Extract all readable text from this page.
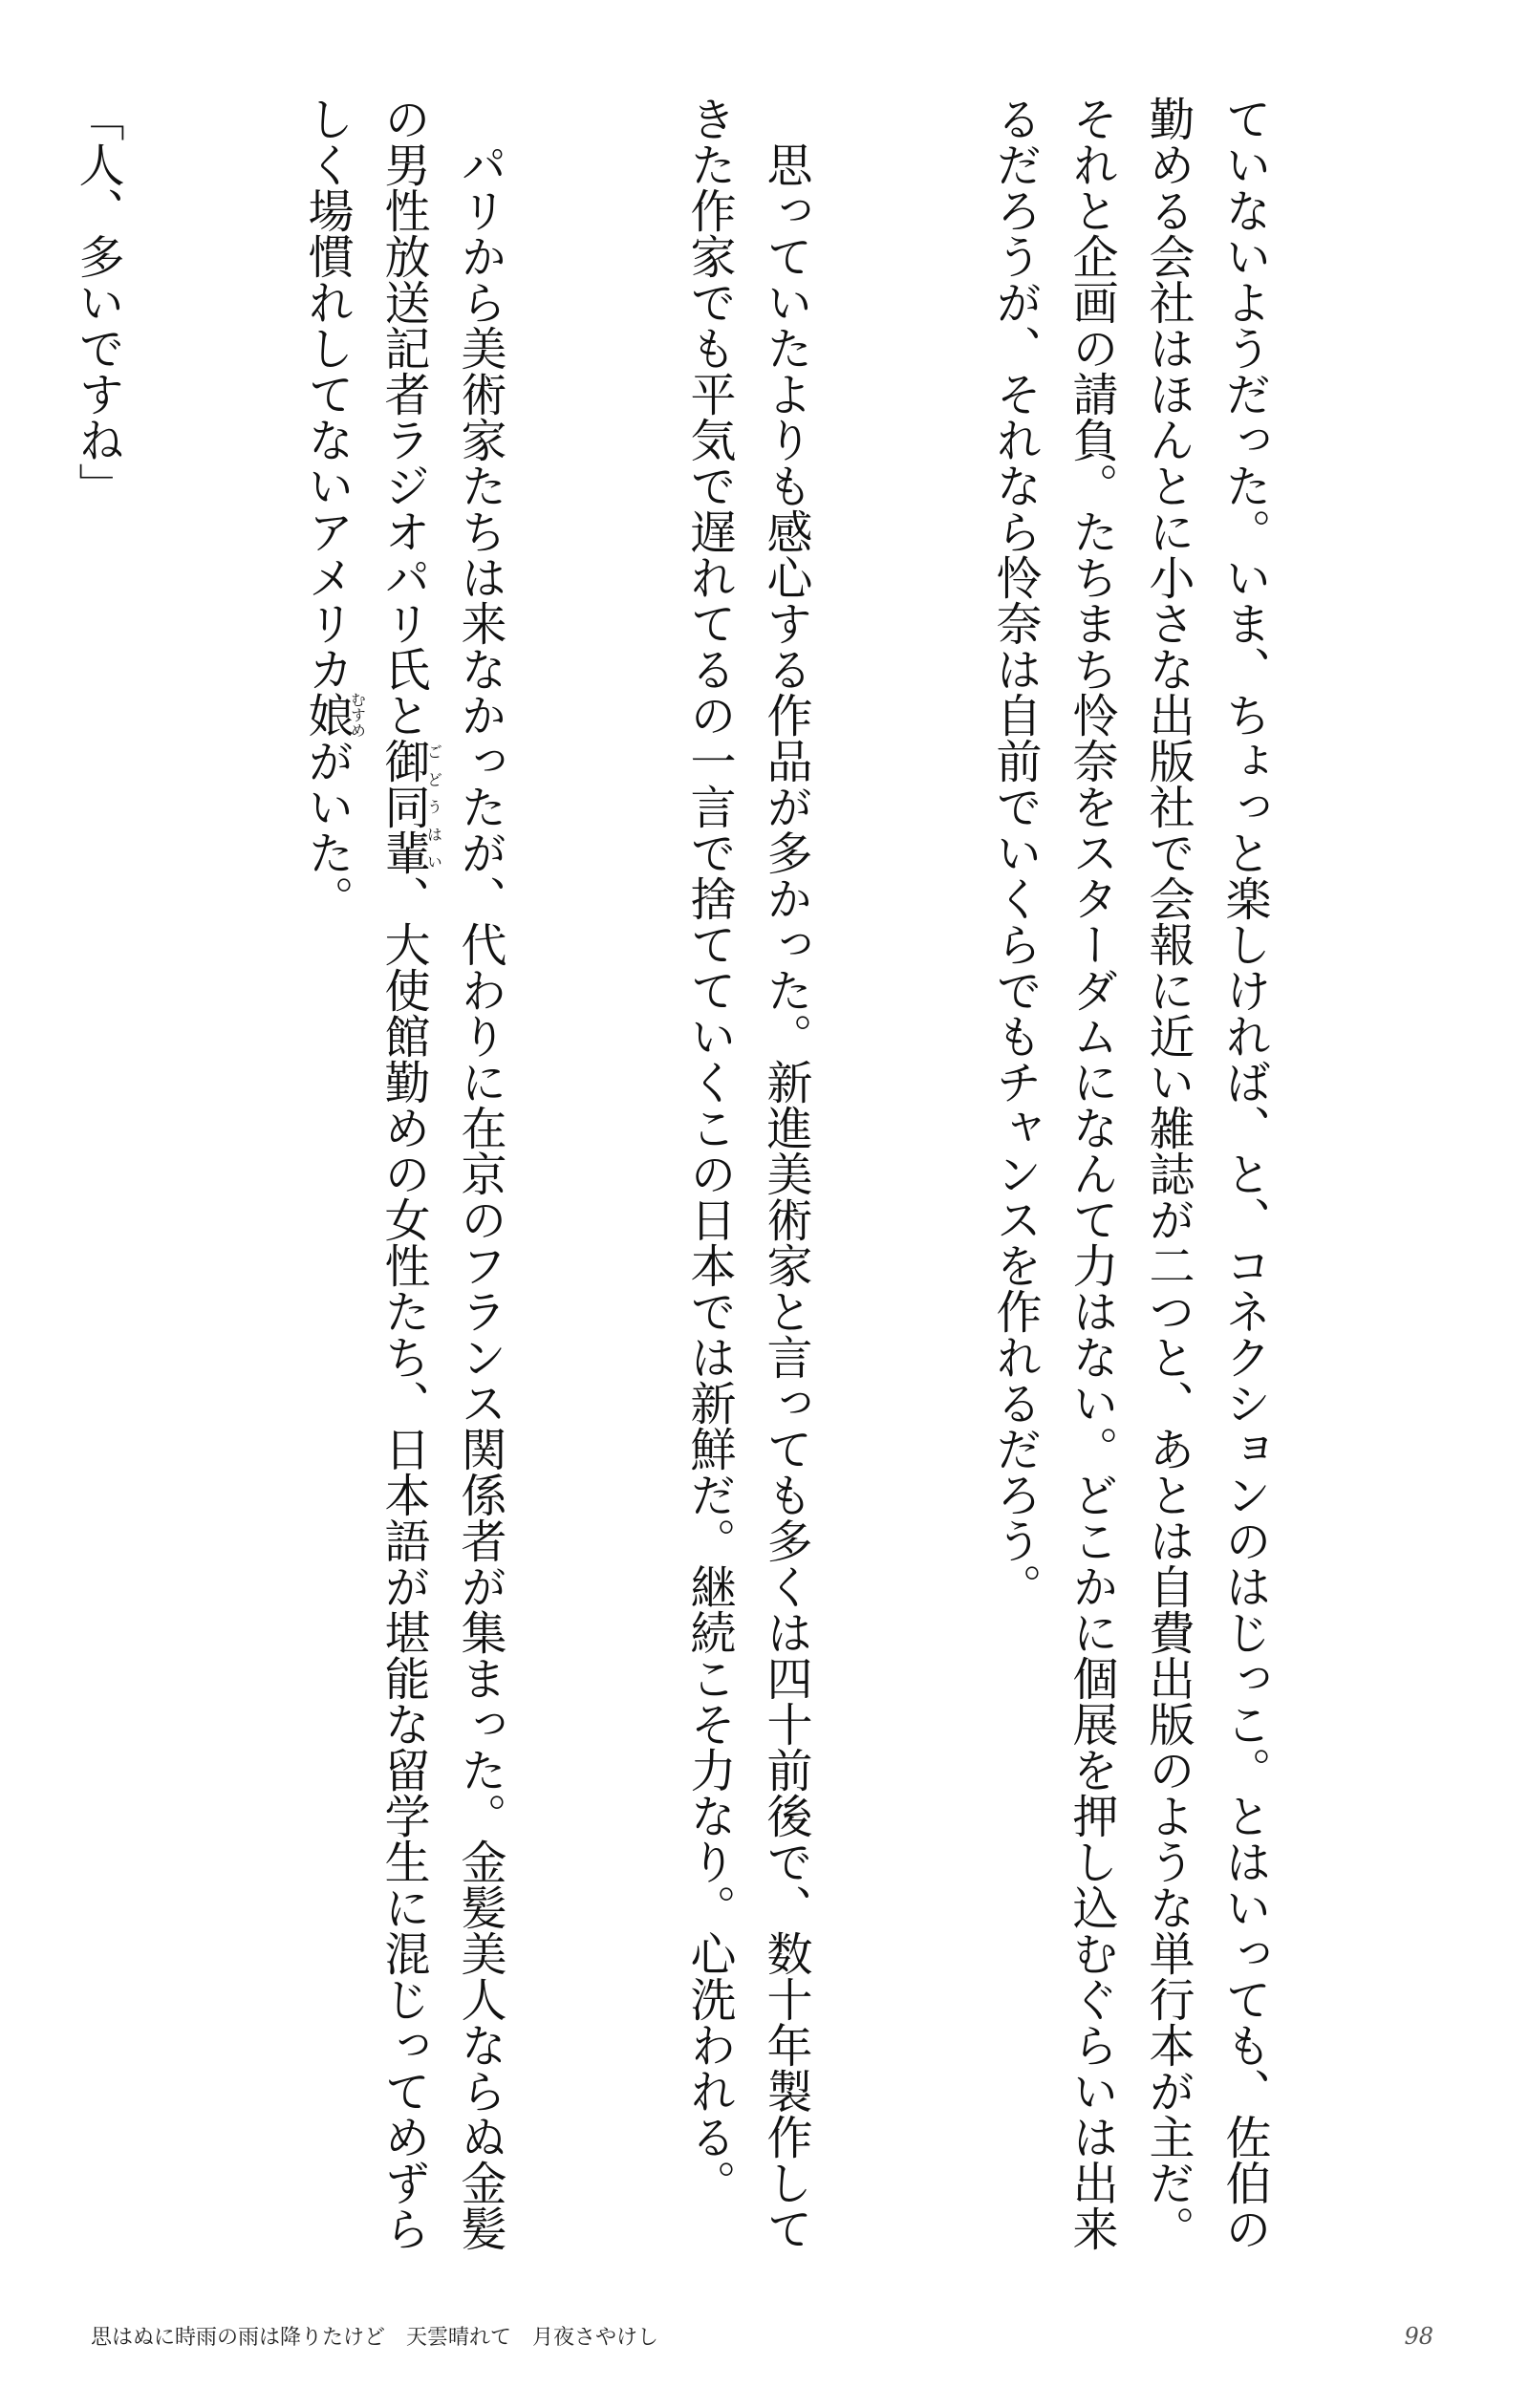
ていないようだった。いま、ちょっと楽しければ、と、コネクションのはじっこ。とはいっても、佐伯の勤める会社はほんとに小さな出版社で会報に近い雑誌が二つと、あとは自費出版のような単行本が主だ。それと企画の請負。たちまち怜奈をスターダムになんて力はない。どこかに個展を押し込むぐらいは出来るだろうが、それなら怜奈は自前でいくらでもチャンスを作れるだろう。

思っていたよりも感心する作品が多かった。新進美術家と言っても多くは四十前後で、数十年製作してきた作家でも平気で遅れてるの一言で捨てていくこの日本では新鮮だ。継続こそ力なり。心洗われる。

パリから美術家たちは来なかったが、代わりに在京のフランス関係者が集まった。金髪美人ならぬ金髪の男性放送記者ラジオパリ氏と御同輩ごどうはい、大使館勤めの女性たち、日本語が堪能な留学生に混じってめずらしく場慣れしてないアメリカ娘むすめがいた。

「人、多いですね」

思はぬに時雨の雨は降りたけど　天雲晴れて　月夜さやけし	98
